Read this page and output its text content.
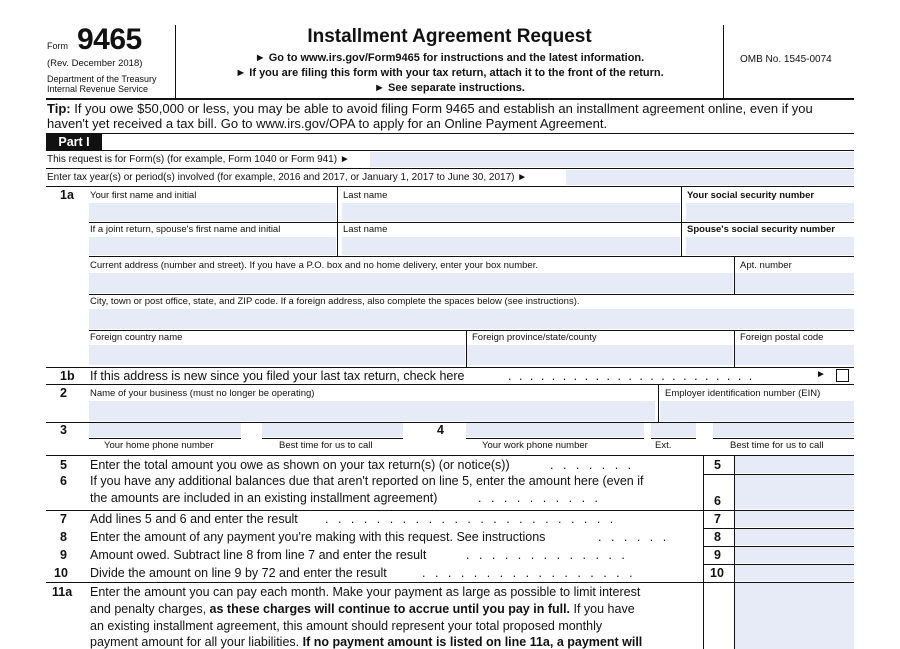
Form 9465
(Rev. December 2018)
Department of the Treasury
Internal Revenue Service
Installment Agreement Request
► Go to www.irs.gov/Form9465 for instructions and the latest information.
► If you are filing this form with your tax return, attach it to the front of the return.
► See separate instructions.
OMB No. 1545-0074
Tip: If you owe $50,000 or less, you may be able to avoid filing Form 9465 and establish an installment agreement online, even if you
haven't yet received a tax bill. Go to www.irs.gov/OPA to apply for an Online Payment Agreement.
Part I
This request is for Form(s) (for example, Form 1040 or Form 941) ►
Enter tax year(s) or period(s) involved (for example, 2016 and 2017, or January 1, 2017 to June 30, 2017) ►
1a Your first name and initial	Last name	Your social security number
If a joint return, spouse's first name and initial	Last name	Spouse's social security number
Current address (number and street). If you have a P.O. box and no home delivery, enter your box number.	Apt. number
City, town or post office, state, and ZIP code. If a foreign address, also complete the spaces below (see instructions).
Foreign country name	Foreign province/state/county	Foreign postal code
1b If this address is new since you filed your last tax return, check here	. . . . . . . . . . . . . . . . . . . . . . .	►
2 Name of your business (must no longer be operating)	Employer identification number (EIN)
3
Your home phone number	Best time for us to call
4
Your work phone number	Ext.	Best time for us to call
5 Enter the total amount you owe as shown on your tax return(s) (or notice(s))	. . . . . . .	5
6 If you have any additional balances due that aren't reported on line 5, enter the amount here (even if
the amounts are included in an existing installment agreement)	. . . . . . . . . .	6
7 Add lines 5 and 6 and enter the result . . . . . . . . . . . . . . . . . . . . . . .	7
8 Enter the amount of any payment you're making with this request. See instructions	. . . . . .	8
9 Amount owed. Subtract line 8 from line 7 and enter the result	. . . . . . . . . . . . .	9
10 Divide the amount on line 9 by 72 and enter the result	. . . . . . . . . . . . . . . . .	10
11a Enter the amount you can pay each month. Make your payment as large as possible to limit interest
and penalty charges, as these charges will continue to accrue until you pay in full. If you have
an existing installment agreement, this amount should represent your total proposed monthly
payment amount for all your liabilities. If no payment amount is listed on line 11a, a payment will
